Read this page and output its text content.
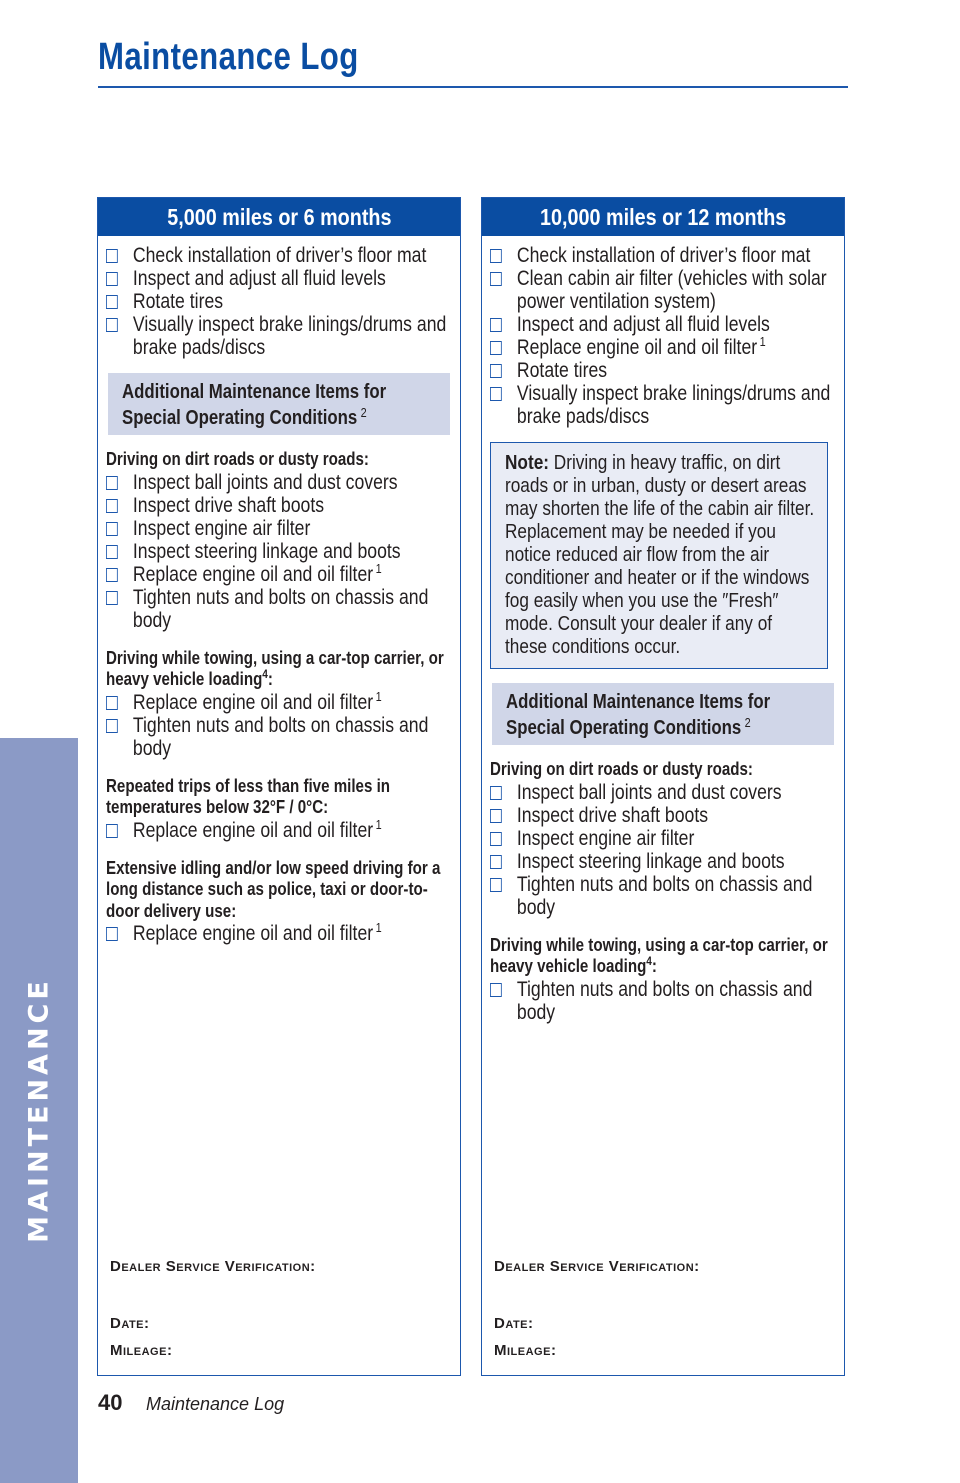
MAINTENANCE
Maintenance Log
5,000 miles or 6 months
Check installation of driver’s floor mat
Inspect and adjust all fluid levels
Rotate tires
Visually inspect brake linings/drums and brake pads/discs
Additional Maintenance Items for
Special Operating Conditions $^2$
Driving on dirt roads or dusty roads:
Inspect ball joints and dust covers
Inspect drive shaft boots
Inspect engine air filter
Inspect steering linkage and boots
Replace engine oil and oil filter $^1$
Tighten nuts and bolts on chassis and body
Driving while towing, using a car-top carrier, or heavy vehicle loading$^4$:
Replace engine oil and oil filter $^1$
Tighten nuts and bolts on chassis and body
Repeated trips of less than five miles in temperatures below 32°F / 0°C:
Replace engine oil and oil filter $^1$
Extensive idling and/or low speed driving for a long distance such as police, taxi or door-to-door delivery use:
Replace engine oil and oil filter $^1$
Dealer Service Verification:
Date:
Mileage:
10,000 miles or 12 months
Check installation of driver’s floor mat
Clean cabin air filter (vehicles with solar power ventilation system)
Inspect and adjust all fluid levels
Replace engine oil and oil filter $^1$
Rotate tires
Visually inspect brake linings/drums and brake pads/discs
Note: Driving in heavy traffic, on dirt roads or in urban, dusty or desert areas may shorten the life of the cabin air filter. Replacement may be needed if you notice reduced air flow from the air conditioner and heater or if the windows fog easily when you use the ″Fresh″ mode. Consult your dealer if any of these conditions occur.
Additional Maintenance Items for
Special Operating Conditions $^2$
Driving on dirt roads or dusty roads:
Inspect ball joints and dust covers
Inspect drive shaft boots
Inspect engine air filter
Inspect steering linkage and boots
Tighten nuts and bolts on chassis and body
Driving while towing, using a car-top carrier, or heavy vehicle loading$^4$:
Tighten nuts and bolts on chassis and body
Dealer Service Verification:
Date:
Mileage:
40 Maintenance Log
